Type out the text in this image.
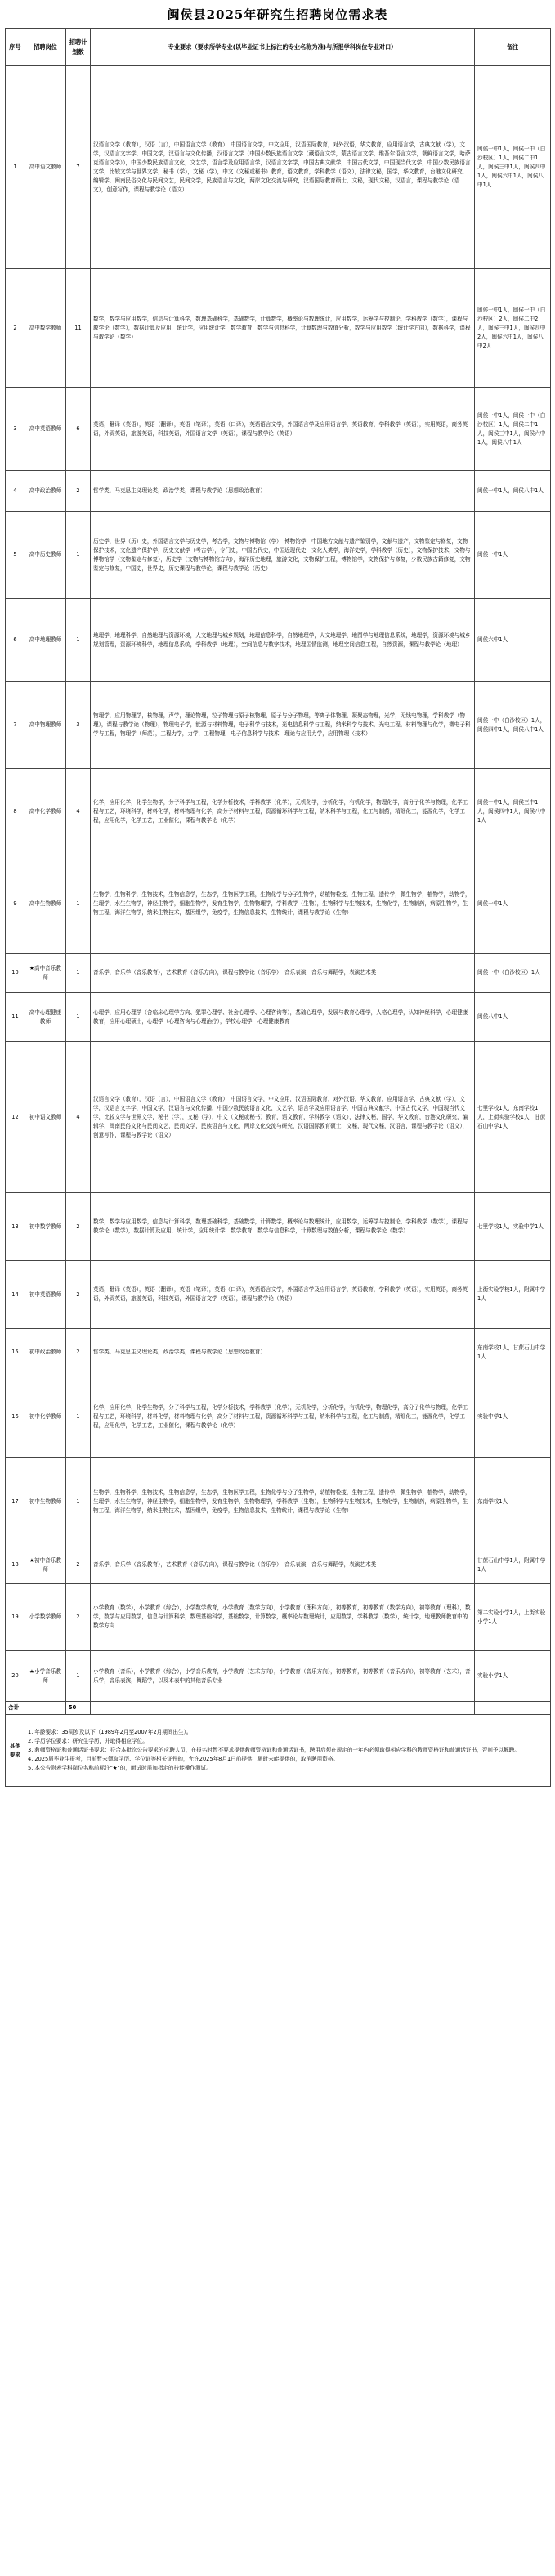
闽侯县2025年研究生招聘岗位需求表
序号	招聘岗位	招聘计划数	专业要求（要求所学专业(以毕业证书上标注的专业名称为准)与所报学科岗位专业对口）	备注
1	高中语文教师	7	汉语言文学（教育），汉语（言），中国语言文学（教育），中国语言文学，中文应用，汉语国际教育，对外汉语，华文教育，应用语言学，古典文献（学），文学，汉语言文字学，中国文学，汉语言与文化传播，汉语言文学（中国少数民族语言文学（藏语言文学，蒙古语言文学，维吾尔语言文学，朝鲜语言文学，哈萨克语言文学）），中国少数民族语言文化，文艺学，语言学及应用语言学，汉语言文字学，中国古典文献学，中国古代文学，中国现当代文学，中国少数民族语言文学，比较文学与世界文学，秘书（学），文秘（学），中文（文秘或秘书）教育，语文教育，学科教学（语文），法律文秘，国学，华文教育，台港文化研究，编辑学，闽南民俗文化与民间文艺，民间文学，民族语言与文化，两岸文化交流与研究，汉语国际教育硕士，文秘，现代文秘，汉语言，课程与教学论（语文），创意写作，课程与教学论（语文）	闽侯一中1人，闽侯一中（白沙校区）1人，闽侯二中1人，闽侯三中1人，闽侯四中1人，闽侯六中1人，闽侯八中1人
2	高中数学教师	11	数学，数学与应用数学，信息与计算科学，数理基础科学，基础数学，计算数学，概率论与数理统计，应用数学，运筹学与控制论，学科教学（数学），课程与教学论（数学），数据计算及应用，统计学，应用统计学，数学教育，数学与信息科学，计算数理与数值分析，数学与应用数学（统计学方向），数据科学，课程与教学论（数学）	闽侯一中1人，闽侯一中（白沙校区）2人，闽侯二中2人，闽侯三中1人，闽侯四中2人，闽侯六中1人，闽侯八中2人
3	高中英语教师	6	英语，翻译（英语），英语（翻译），英语（笔译），英语（口译），英语语言文学，外国语言学及应用语言学，英语教育，学科教学（英语），实用英语，商务英语，外贸英语，旅游英语，科技英语，外国语言文学（英语），课程与教学论（英语）	闽侯一中1人，闽侯一中（白沙校区）1人，闽侯二中1人，闽侯三中1人，闽侯六中1人，闽侯八中1人
4	高中政治教师	2	哲学类，马克思主义理论类，政治学类，课程与教学论（思想政治教育）	闽侯一中1人，闽侯八中1人
5	高中历史教师	1	历史学，世界（历）史，外国语言文学与历史学，考古学，文物与博物馆（学），博物馆学，中国地方文献与遗产鉴别学，文献与遗产，文物鉴定与修复，文物保护技术，文化遗产保护学，历史文献学（考古学），专门史，中国古代史，中国近现代史，文化人类学，海洋史学，学科教学（历史），文物保护技术，文物与博物馆学（文物鉴定与修复），历史学（文物与博物馆方向），海洋历史地理，旅游文化，文物保护工程，博物馆学，文物保护与修复，少数民族古籍修复，文物鉴定与修复，中国史，世界史，历史课程与教学论，课程与教学论（历史）	闽侯一中1人
6	高中地理教师	1	地理学，地理科学，自然地理与资源环境，人文地理与城乡规划，地理信息科学，自然地理学，人文地理学，地图学与地理信息系统，地理学，资源环境与城乡规划管理，资源环境科学，地理信息系统，学科教学（地理），空间信息与数字技术，地理国情监测，地理空间信息工程，自然资源，课程与教学论（地理）	闽侯六中1人
7	高中物理教师	3	物理学，应用物理学，核物理，声学，理论物理，粒子物理与原子核物理，原子与分子物理，等离子体物理，凝聚态物理，光学，无线电物理，学科教学（物理），课程与教学论（物理），物理电子学，能源与材料物理，电子科学与技术，光电信息科学与工程，纳米科学与技术，光电工程，材料物理与化学，微电子科学与工程，物理学（师范），工程力学，力学，工程物理，电子信息科学与技术，理论与应用力学，应用物理（技术）	闽侯一中（白沙校区）1人，闽侯四中1人，闽侯八中1人
8	高中化学教师	4	化学，应用化学，化学生物学，分子科学与工程，化学分析技术，学科教学（化学），无机化学，分析化学，有机化学，物理化学，高分子化学与物理，化学工程与工艺，环境科学，材料化学，材料物理与化学，高分子材料与工程，资源循环科学与工程，纳米科学与工程，化工与制药，精细化工，能源化学，化学工程，应用化学，化学工艺，工业催化，课程与教学论（化学）	闽侯一中1人，闽侯三中1人，闽侯四中1人，闽侯八中1人
9	高中生物教师	1	生物学，生物科学，生物技术，生物信息学，生态学，生物医学工程，生物化学与分子生物学，动植物检疫，生物工程，遗传学，微生物学，植物学，动物学，生理学，水生生物学，神经生物学，细胞生物学，发育生物学，生物物理学，学科教学（生物），生物科学与生物技术，生物化学，生物制药，病原生物学，生物工程，海洋生物学，纳米生物技术，基因组学，免疫学，生物信息技术，生物统计，课程与教学论（生物）	闽侯一中1人
10	★高中音乐教师	1	音乐学，音乐学（音乐教育），艺术教育（音乐方向），课程与教学论（音乐学），音乐表演，音乐与舞蹈学，表演艺术类	闽侯一中（白沙校区）1人
11	高中心理健康教师	1	心理学，应用心理学（含临床心理学方向、犯罪心理学、社会心理学、心理咨询等），基础心理学，发展与教育心理学，人格心理学，认知神经科学，心理健康教育，应用心理硕士，心理学（心理咨询与心理治疗），学校心理学，心理健康教育	闽侯八中1人
12	初中语文教师	4	汉语言文学（教育），汉语（言），中国语言文学（教育），中国语言文学，中文应用，汉语国际教育，对外汉语，华文教育，应用语言学，古典文献（学），文学，汉语言文字学，中国文学，汉语言与文化传播，中国少数民族语言文化，文艺学，语言学及应用语言学，中国古典文献学，中国古代文学，中国现当代文学，比较文学与世界文学，秘书（学），文秘（学），中文（文秘或秘书）教育，语文教育，学科教学（语文），法律文秘，国学，华文教育，台港文化研究，编辑学，闽南民俗文化与民间文艺，民间文学，民族语言与文化，两岸文化交流与研究，汉语国际教育硕士，文秘，现代文秘，汉语言，课程与教学论（语文），创意写作，课程与教学论（语文）	七里学校1人，东南学校1人，上街实验学校1人，甘蔗石山中学1人
13	初中数学教师	2	数学，数学与应用数学，信息与计算科学，数理基础科学，基础数学，计算数学，概率论与数理统计，应用数学，运筹学与控制论，学科教学（数学），课程与教学论（数学），数据计算及应用，统计学，应用统计学，数学教育，数学与信息科学，计算数理与数值分析，课程与教学论（数学）	七里学校1人，实验中学1人
14	初中英语教师	2	英语，翻译（英语），英语（翻译），英语（笔译），英语（口译），英语语言文学，外国语言学及应用语言学，英语教育，学科教学（英语），实用英语，商务英语，外贸英语，旅游英语，科技英语，外国语言文学（英语），课程与教学论（英语）	上街实验学校1人，附属中学1人
15	初中政治教师	2	哲学类，马克思主义理论类，政治学类，课程与教学论（思想政治教育）	东南学校1人，甘蔗石山中学1人
16	初中化学教师	1	化学，应用化学，化学生物学，分子科学与工程，化学分析技术，学科教学（化学），无机化学，分析化学，有机化学，物理化学，高分子化学与物理，化学工程与工艺，环境科学，材料化学，材料物理与化学，高分子材料与工程，资源循环科学与工程，纳米科学与工程，化工与制药，精细化工，能源化学，化学工程，应用化学，化学工艺，工业催化，课程与教学论（化学）	实验中学1人
17	初中生物教师	1	生物学，生物科学，生物技术，生物信息学，生态学，生物医学工程，生物化学与分子生物学，动植物检疫，生物工程，遗传学，微生物学，植物学，动物学，生理学，水生生物学，神经生物学，细胞生物学，发育生物学，生物物理学，学科教学（生物），生物科学与生物技术，生物化学，生物制药，病原生物学，生物工程，海洋生物学，纳米生物技术，基因组学，免疫学，生物信息技术，生物统计，课程与教学论（生物）	东南学校1人
18	★初中音乐教师	2	音乐学，音乐学（音乐教育），艺术教育（音乐方向），课程与教学论（音乐学），音乐表演，音乐与舞蹈学，表演艺术类	甘蔗石山中学1人，附属中学1人
19	小学数学教师	2	小学教育（数学），小学教育（综合），小学数学教育，小学教育（数学方向），小学教育（理科方向），初等教育，初等教育（数学方向），初等教育（理科），数学，数学与应用数学，信息与计算科学，数理基础科学，基础数学，计算数学，概率论与数理统计，应用数学，学科教学（数学），统计学，地理教师教育中的数学方向	第二实验小学1人，上街实验小学1人
20	★小学音乐教师	1	小学教育（音乐），小学教育（综合），小学音乐教育，小学教育（艺术方向），小学教育（音乐方向），初等教育，初等教育（音乐方向），初等教育（艺术），音乐学，音乐表演，舞蹈学，以及本表中的其他音乐专业	实验小学1人
合计		50		
其他要求	1. 年龄要求：35周岁及以下（1989年2月至2007年2月期间出生）。
2. 学历学位要求：研究生学历，并取得相应学位。
3. 教师资格证和普通话证书要求：符合本批次公告要求的应聘人员，在报名时暂不要求提供教师资格证和普通话证书，聘用后须在规定的一年内必须取得相应学科的教师资格证和普通话证书，否则予以解聘。
4. 2025届毕业生报考，目前暂未领取学历、学位证等相关证件的，允许2025年8月1日前提供，届时未能提供的，取消聘用资格。
5. 本公告附表学科岗位名称前标注"★"的，面试时需加指定的技能操作测试。			
